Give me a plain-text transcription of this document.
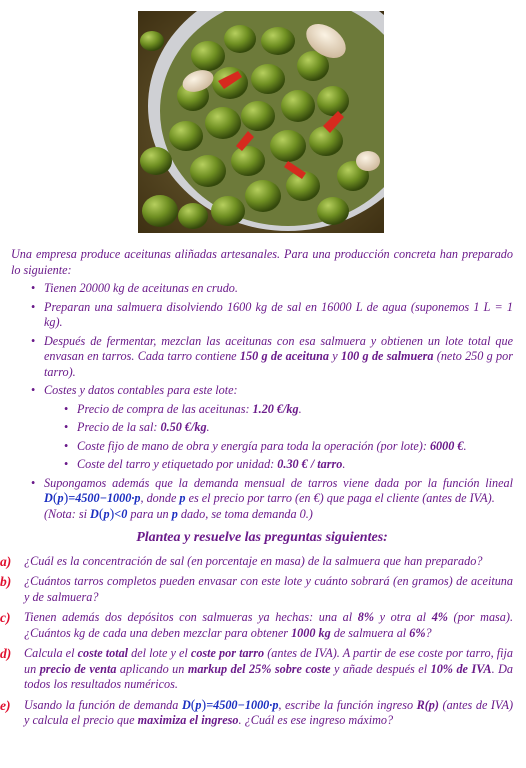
Una empresa produce aceitunas aliñadas artesanales. Para una producción concreta han preparado lo siguiente:

• Tienen 20000 kg de aceitunas en crudo.
• Preparan una salmuera disolviendo 1600 kg de sal en 16000 L de agua (suponemos 1 L = 1 kg).
• Después de fermentar, mezclan las aceitunas con esa salmuera y obtienen un lote total que envasan en tarros. Cada tarro contiene 150 g de aceituna y 100 g de salmuera (neto 250 g por tarro).
• Costes y datos contables para este lote:
• Precio de compra de las aceitunas: 1.20 €/kg.
• Precio de la sal: 0.50 €/kg.
• Coste fijo de mano de obra y energía para toda la operación (por lote): 6000 €.
• Coste del tarro y etiquetado por unidad: 0.30 € / tarro.
• Supongamos además que la demanda mensual de tarros viene dada por la función lineal D(p)=4500−1000·p, donde p es el precio por tarro (en €) que paga el cliente (antes de IVA).
(Nota: si D(p)<0 para un p dado, se toma demanda 0.)
Plantea y resuelve las preguntas siguientes:
a) ¿Cuál es la concentración de sal (en porcentaje en masa) de la salmuera que han preparado?
b) ¿Cuántos tarros completos pueden envasar con este lote y cuánto sobrará (en gramos) de aceituna y de salmuera?
c) Tienen además dos depósitos con salmueras ya hechas: una al 8% y otra al 4% (por masa). ¿Cuántos kg de cada una deben mezclar para obtener 1000 kg de salmuera al 6%?
d) Calcula el coste total del lote y el coste por tarro (antes de IVA). A partir de ese coste por tarro, fija un precio de venta aplicando un markup del 25% sobre coste y añade después el 10% de IVA. Da todos los resultados numéricos.
e) Usando la función de demanda D(p)=4500−1000·p, escribe la función ingreso R(p) (antes de IVA) y calcula el precio que maximiza el ingreso. ¿Cuál es ese ingreso máximo?
